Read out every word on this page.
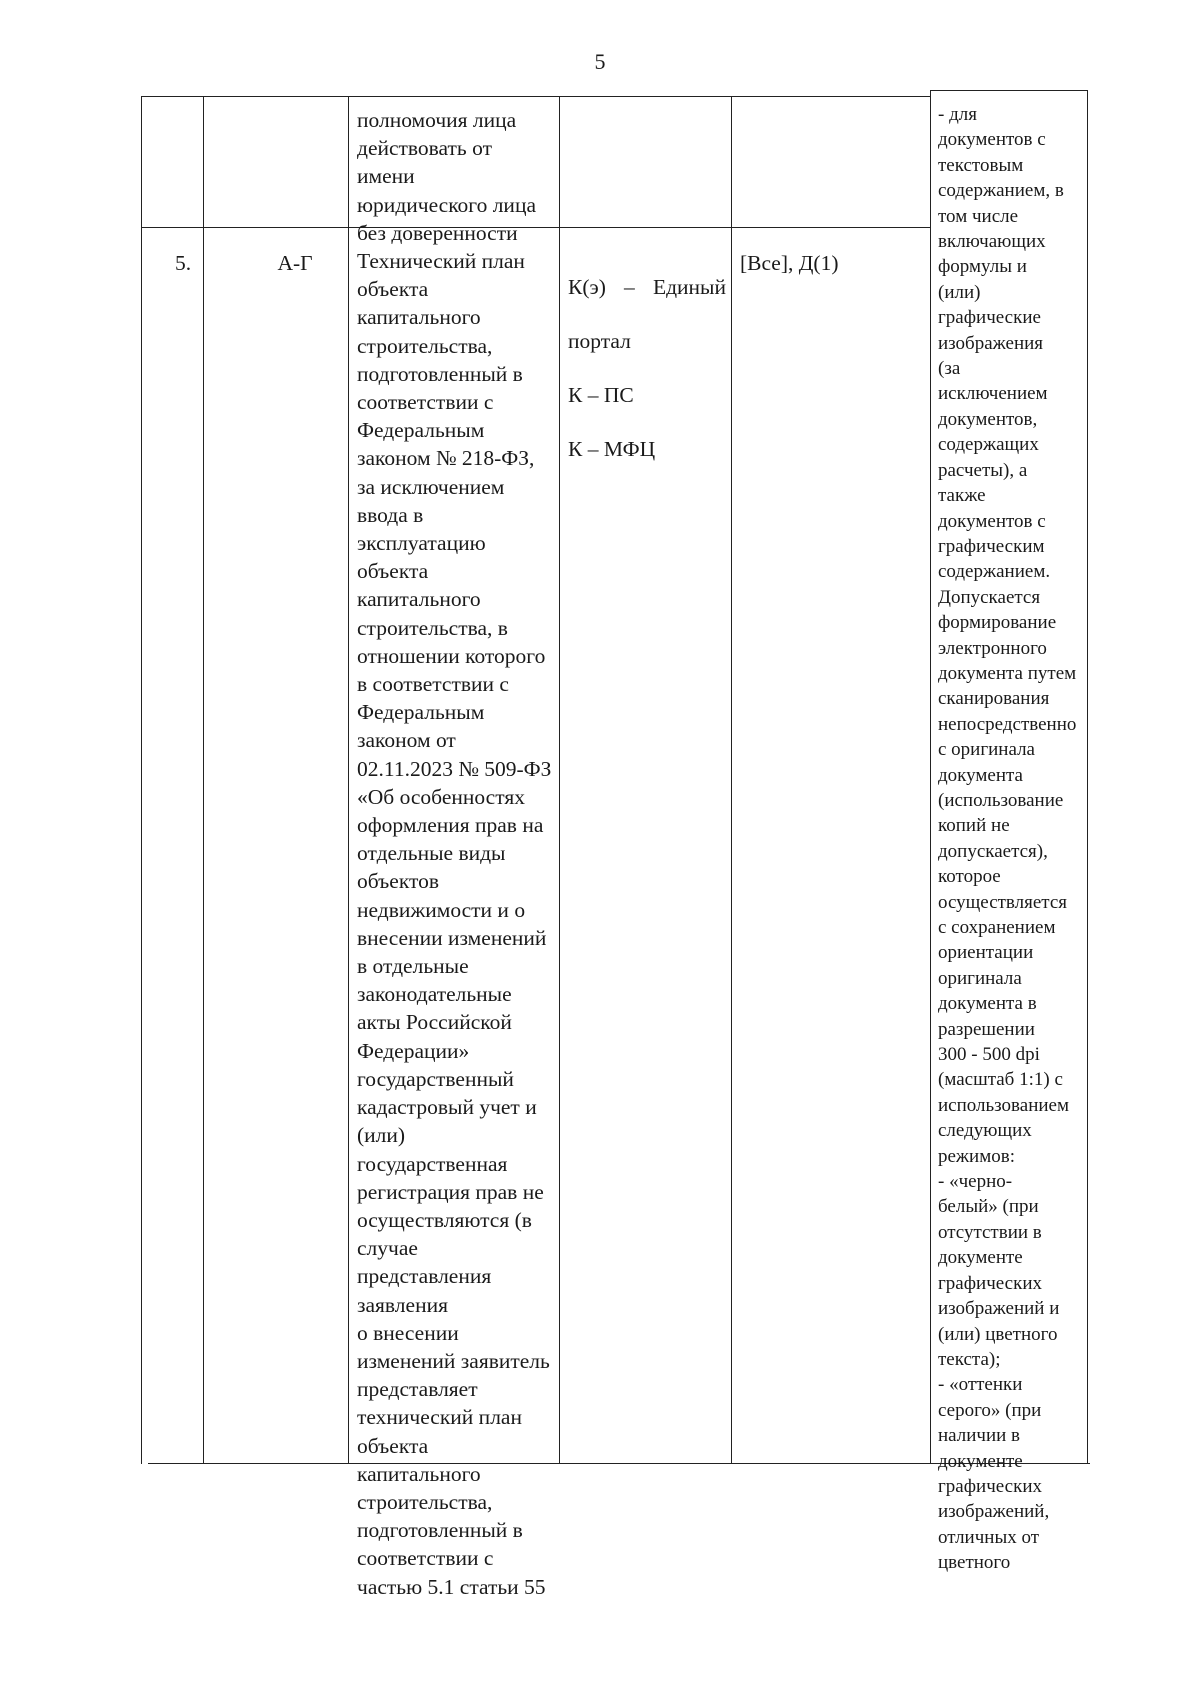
5
полномочия лица
действовать от
имени
юридического лица
без доверенности
5.	А-Г	Технический план
объекта
капитального
строительства,
подготовленный в
соответствии с
Федеральным
законом № 218-ФЗ,
за исключением
ввода в
эксплуатацию
объекта
капитального
строительства, в
отношении которого
в соответствии с
Федеральным
законом от
02.11.2023 № 509-ФЗ
«Об особенностях
оформления прав на
отдельные виды
объектов
недвижимости и о
внесении изменений
в отдельные
законодательные
акты Российской
Федерации»
государственный
кадастровый учет и
(или)
государственная
регистрация прав не
осуществляются (в
случае
представления
заявления
о внесении
изменений заявитель
представляет
технический план
объекта
капитального
строительства,
подготовленный в
соответствии с
частью 5.1 статьи 55

К(э) – Единый

портал

К – ПС

К – МФЦ

[Все], Д(1)
- для
документов с
текстовым
содержанием, в
том числе
включающих
формулы и
(или)
графические
изображения
(за
исключением
документов,
содержащих
расчеты), а
также
документов с
графическим
содержанием.
Допускается
формирование
электронного
документа путем
сканирования
непосредственно
с оригинала
документа
(использование
копий не
допускается),
которое
осуществляется
с сохранением
ориентации
оригинала
документа в
разрешении
300 - 500 dpi
(масштаб 1:1) с
использованием
следующих
режимов:
- «черно-
белый» (при
отсутствии в
документе
графических
изображений и
(или) цветного
текста);
- «оттенки
серого» (при
наличии в
документе
графических
изображений,
отличных от
цветного
